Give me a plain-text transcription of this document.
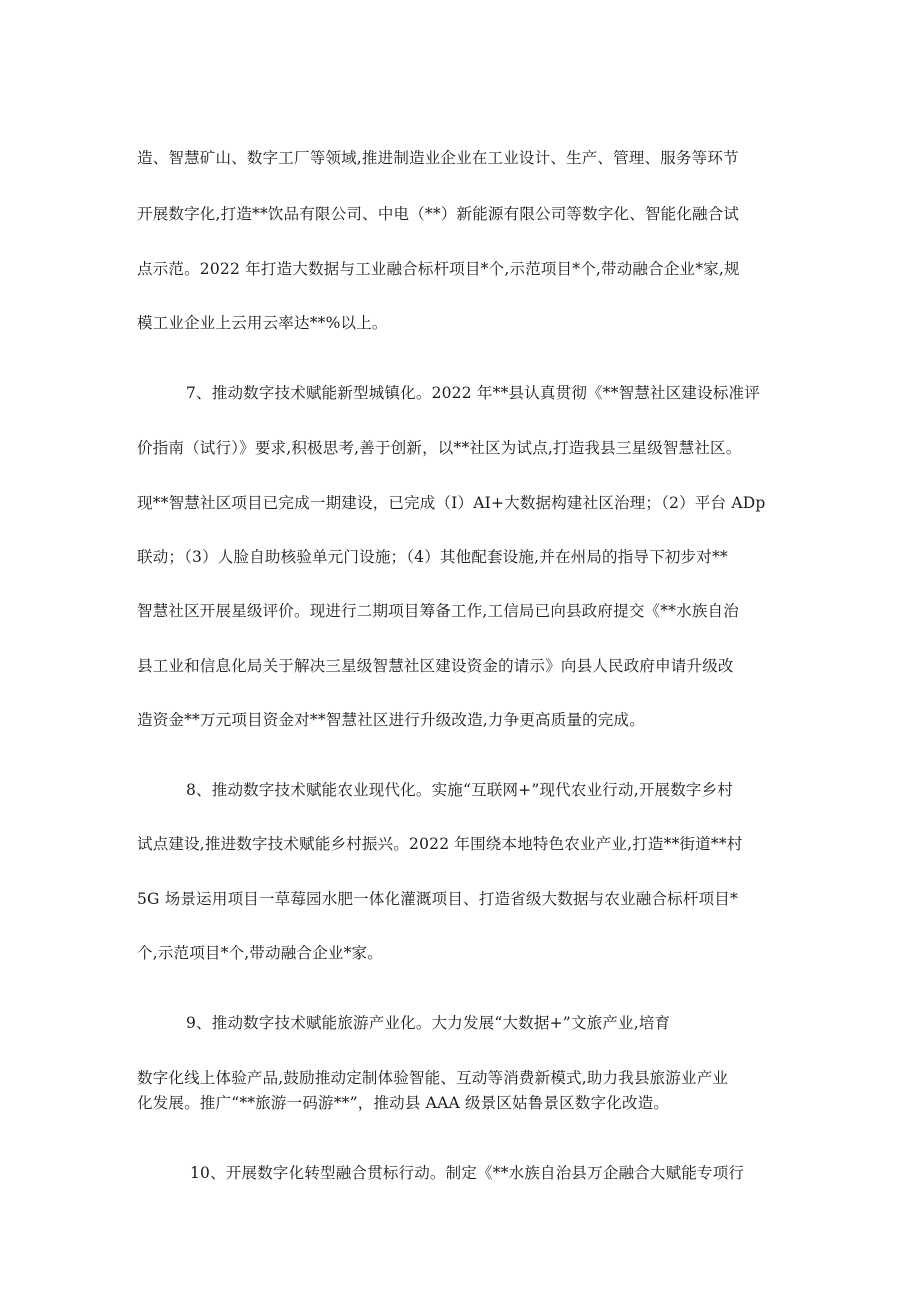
造、智慧矿山、数字工厂等领域,推进制造业企业在工业设计、生产、管理、服务等环节
开展数字化,打造**饮品有限公司、中电（**）新能源有限公司等数字化、智能化融合试
点示范。2022 年打造大数据与工业融合标杆项目*个,示范项目*个,带动融合企业*家,规
模工业企业上云用云率达**%以上。
7、推动数字技术赋能新型城镇化。2022 年**县认真贯彻《**智慧社区建设标准评
价指南（试行）》要求,积极思考,善于创新，以**社区为试点,打造我县三星级智慧社区。
现**智慧社区项目已完成一期建设，已完成（I）AI+大数据构建社区治理；（2）平台 ADp
联动；（3）人脸自助核验单元门设施；（4）其他配套设施,并在州局的指导下初步对**
智慧社区开展星级评价。现进行二期项目筹备工作,工信局已向县政府提交《**水族自治
县工业和信息化局关于解决三星级智慧社区建设资金的请示》向县人民政府申请升级改
造资金**万元项目资金对**智慧社区进行升级改造,力争更高质量的完成。
8、推动数字技术赋能农业现代化。实施“互联网+”现代农业行动,开展数字乡村
试点建设,推进数字技术赋能乡村振兴。2022 年围绕本地特色农业产业,打造**街道**村
5G 场景运用项目一草莓园水肥一体化灌溉项目、打造省级大数据与农业融合标杆项目*
个,示范项目*个,带动融合企业*家。
9、推动数字技术赋能旅游产业化。大力发展“大数据+”文旅产业,培育
数字化线上体验产品,鼓励推动定制体验智能、互动等消费新模式,助力我县旅游业产业
化发展。推广“**旅游一码游**”，推动县 AAA 级景区姑鲁景区数字化改造。
10、开展数字化转型融合贯标行动。制定《**水族自治县万企融合大赋能专项行
